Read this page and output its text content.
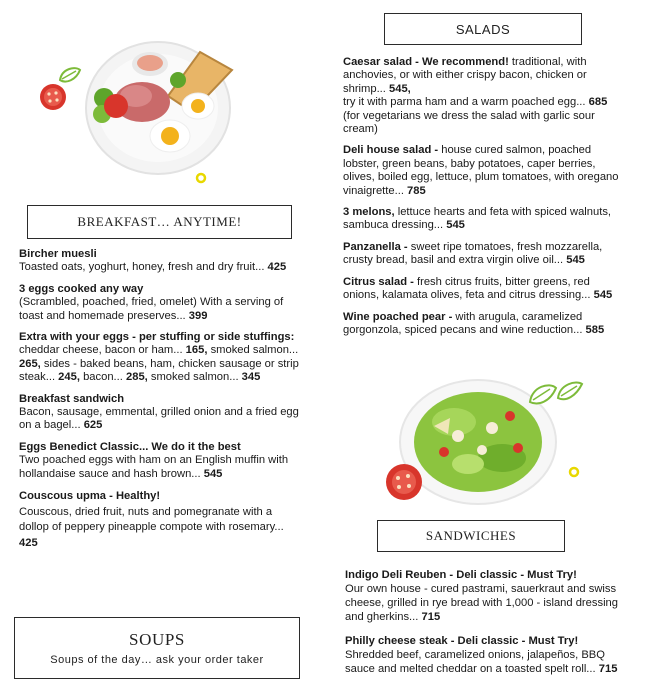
SALADS
Caesar salad - We recommend! traditional, with anchovies, or with either crispy bacon, chicken or shrimp... 545,
try it with parma ham and a warm poached egg... 685
(for vegetarians we dress the salad with garlic sour cream)
Deli house salad - house cured salmon, poached lobster, green beans, baby potatoes, caper berries, olives, boiled egg, lettuce, plum tomatoes, with oregano vinaigrette... 785
3 melons, lettuce hearts and feta with spiced walnuts, sambuca dressing... 545
Panzanella - sweet ripe tomatoes, fresh mozzarella, crusty bread, basil and extra virgin olive oil... 545
Citrus salad - fresh citrus fruits, bitter greens, red onions, kalamata olives, feta and citrus dressing... 545
Wine poached pear - with arugula, caramelized gorgonzola, spiced pecans and wine reduction... 585
BREAKFAST… ANYTIME!
Bircher muesli
Toasted oats, yoghurt, honey, fresh and dry fruit... 425
3 eggs cooked any way
(Scrambled, poached, fried, omelet) With a serving of toast and homemade preserves... 399
Extra with your eggs - per stuffing or side stuffings:
cheddar cheese, bacon or ham... 165, smoked salmon... 265, sides - baked beans, ham, chicken sausage or strip steak... 245, bacon... 285, smoked salmon... 345
Breakfast sandwich
Bacon, sausage, emmental, grilled onion and a fried egg on a bagel... 625
Eggs Benedict Classic... We do it the best
Two poached eggs with ham on an English muffin with hollandaise sauce and hash brown... 545
Couscous upma - Healthy!
Couscous, dried fruit, nuts and pomegranate with a dollop of peppery pineapple compote with rosemary... 425
SOUPS
Soups of the day… ask your order taker
SANDWICHES
Indigo Deli Reuben - Deli classic - Must Try!
Our own house - cured pastrami, sauerkraut and swiss cheese, grilled in rye bread with 1,000 - island dressing and gherkins... 715
Philly cheese steak - Deli classic - Must Try!
Shredded beef, caramelized onions, jalapeños, BBQ sauce and melted cheddar on a toasted spelt roll... 715
